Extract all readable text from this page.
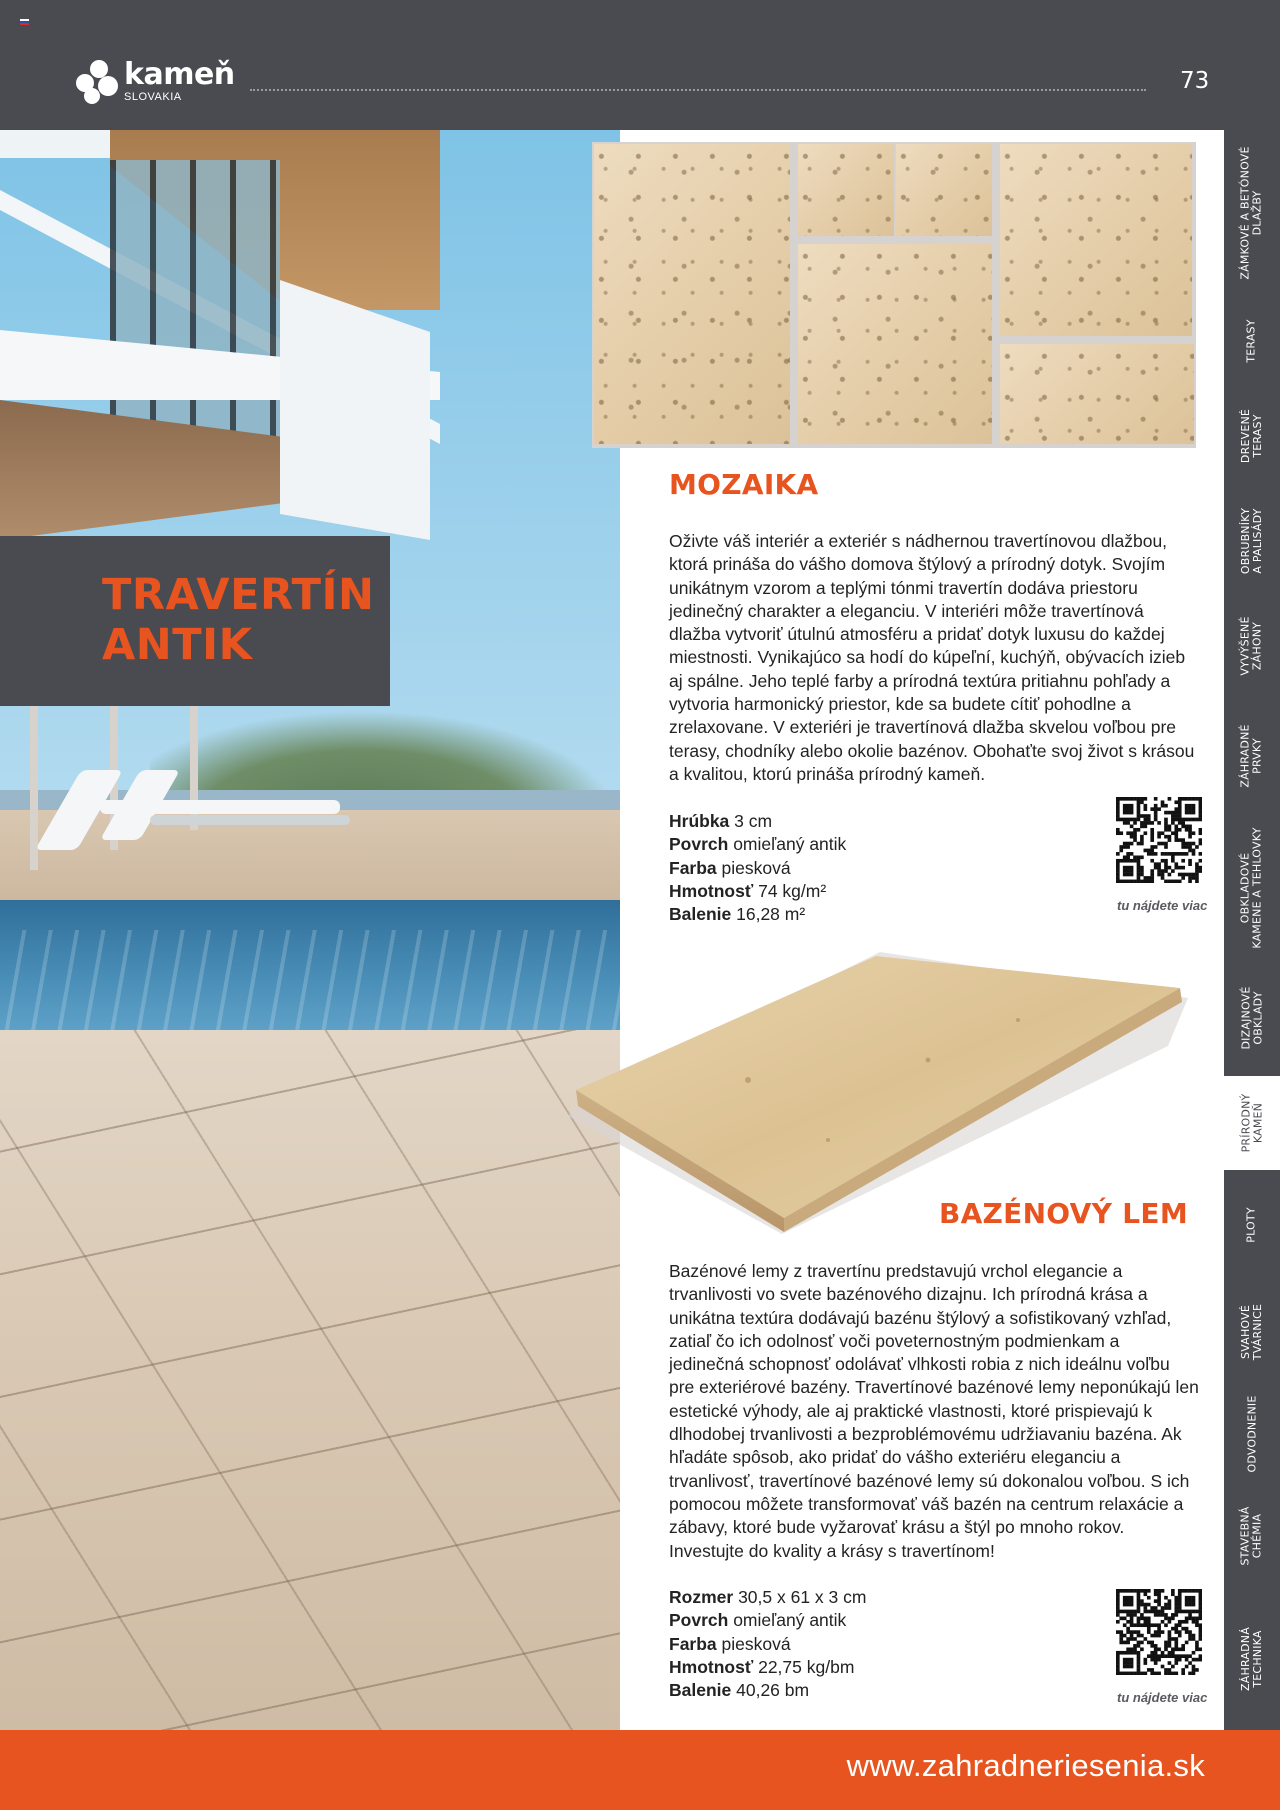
kameň
SLOVAKIA
73
TRAVERTÍN
ANTIK
MOZAIKA

Oživte váš interiér a exteriér s nádhernou travertínovou dlažbou, ktorá prináša do vášho domova štýlový a prírodný dotyk. Svojím unikátnym vzorom a teplými tónmi travertín dodáva priestoru jedinečný charakter a eleganciu. V interiéri môže travertínová dlažba vytvoriť útulnú atmosféru a pridať dotyk luxusu do každej miestnosti. Vynikajúco sa hodí do kúpeľní, kuchýň, obývacích izieb aj spálne. Jeho teplé farby a prírodná textúra pritiahnu pohľady a vytvoria harmonický priestor, kde sa budete cítiť pohodlne a zrelaxovane. V exteriéri je travertínová dlažba skvelou voľbou pre terasy, chodníky alebo okolie bazénov. Obohaťte svoj život s krásou a kvalitou, ktorú prináša prírodný kameň.

Hrúbka 3 cm
Povrch omieľaný antik
Farba piesková
Hmotnosť 74 kg/m²
Balenie 16,28 m²	tu nájdete viac
BAZÉNOVÝ LEM

Bazénové lemy z travertínu predstavujú vrchol elegancie a trvanlivosti vo svete bazénového dizajnu. Ich prírodná krása a unikátna textúra dodávajú bazénu štýlový a sofistikovaný vzhľad, zatiaľ čo ich odolnosť voči poveternostným podmienkam a jedinečná schopnosť odolávať vlhkosti robia z nich ideálnu voľbu pre exteriérové bazény. Travertínové bazénové lemy neponúkajú len estetické výhody, ale aj praktické vlastnosti, ktoré prispievajú k dlhodobej trvanlivosti a bezproblémovému udržiavaniu bazéna. Ak hľadáte spôsob, ako pridať do vášho exteriéru eleganciu a trvanlivosť, travertínové bazénové lemy sú dokonalou voľbou. S ich pomocou môžete transformovať váš bazén na centrum relaxácie a zábavy, ktoré bude vyžarovať krásu a štýl po mnoho rokov. Investujte do kvality a krásy s travertínom!

Rozmer 30,5 x 61 x 3 cm
Povrch omieľaný antik
Farba piesková
Hmotnosť 22,75 kg/bm
Balenie 40,26 bm	tu nájdete viac
ZÁMKOVÉ A BETÓNOVÉ DLAŽBY
TERASY
DREVENÉ TERASY
OBRUBNÍKY A PALISÁDY
VYVÝŠENÉ ZÁHONY
ZÁHRADNÉ PRVKY
OBKLADOVÉ KAMENE A TEHLOVKY
DIZAJNOVÉ OBKLADY
PRÍRODNÝ KAMEŇ
PLOTY
SVAHOVÉ TVÁRNICE
ODVODNENIE
STAVEBNÁ CHÉMIA
ZÁHRADNÁ TECHNIKA
www.zahradneriesenia.sk
